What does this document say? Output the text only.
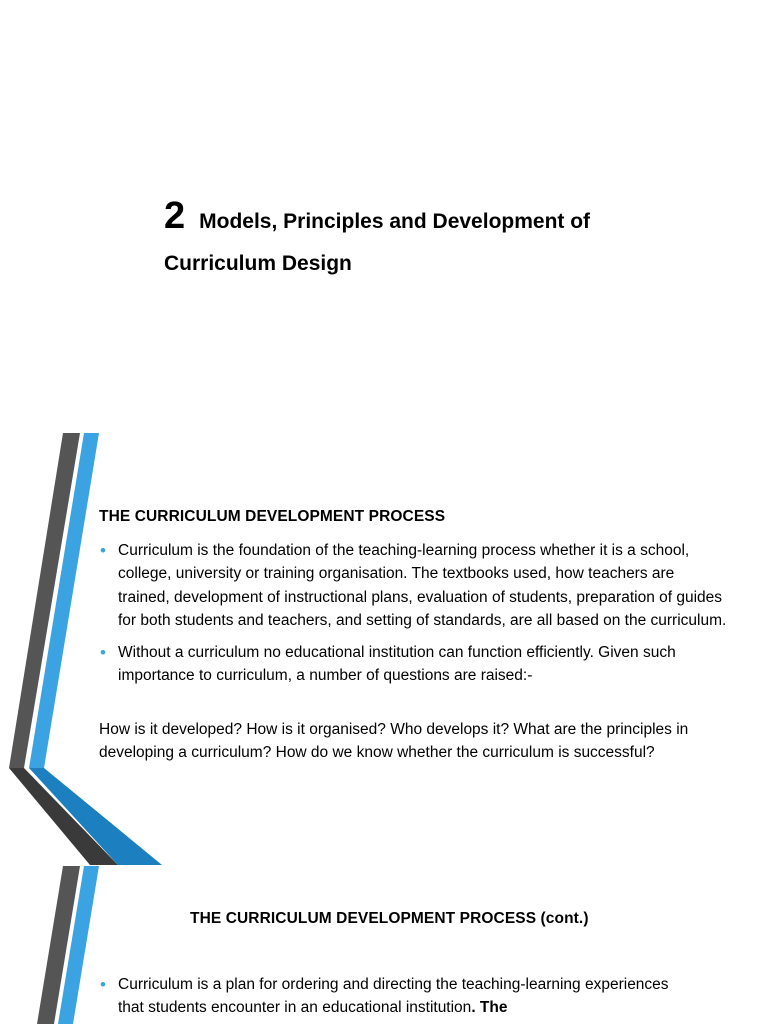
2 Models, Principles and Development of
Curriculum Design
THE CURRICULUM DEVELOPMENT PROCESS
• Curriculum is the foundation of the teaching-learning process whether it is a school, college, university or training organisation. The textbooks used, how teachers are trained, development of instructional plans, evaluation of students, preparation of guides for both students and teachers, and setting of standards, are all based on the curriculum.
• Without a curriculum no educational institution can function efficiently. Given such importance to curriculum, a number of questions are raised:-
How is it developed? How is it organised? Who develops it? What are the principles in developing a curriculum? How do we know whether the curriculum is successful?
THE CURRICULUM DEVELOPMENT PROCESS (cont.)
• Curriculum is a plan for ordering and directing the teaching-learning experiences that students encounter in an educational institution. The
